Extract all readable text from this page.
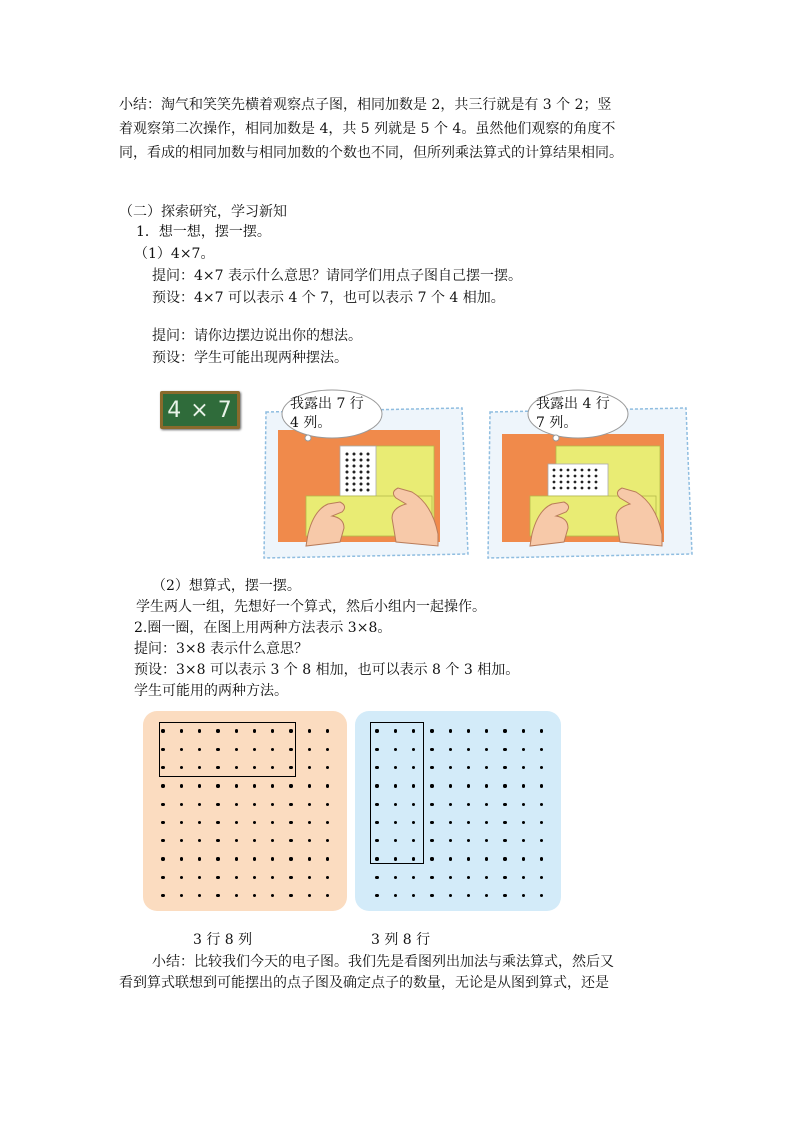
小结：淘气和笑笑先横着观察点子图，相同加数是 2，共三行就是有 3 个 2；竖
着观察第二次操作，相同加数是 4，共 5 列就是 5 个 4。虽然他们观察的角度不
同，看成的相同加数与相同加数的个数也不同，但所列乘法算式的计算结果相同。
（二）探索研究，学习新知
1．想一想，摆一摆。
（1）4×7。
提问：4×7 表示什么意思？请同学们用点子图自己摆一摆。
预设：4×7 可以表示 4 个 7，也可以表示 7 个 4 相加。
提问：请你边摆边说出你的想法。
预设：学生可能出现两种摆法。
4 × 7	我露出 7 行
4 列。
我露出 4 行
7 列。
（2）想算式，摆一摆。
学生两人一组，先想好一个算式，然后小组内一起操作。
2.圈一圈，在图上用两种方法表示 3×8。
提问：3×8 表示什么意思？
预设：3×8 可以表示 3 个 8 相加，也可以表示 8 个 3 相加。
学生可能用的两种方法。
3 行 8 列	3 列 8 行
小结：比较我们今天的电子图。我们先是看图列出加法与乘法算式，然后又
看到算式联想到可能摆出的点子图及确定点子的数量，无论是从图到算式，还是
